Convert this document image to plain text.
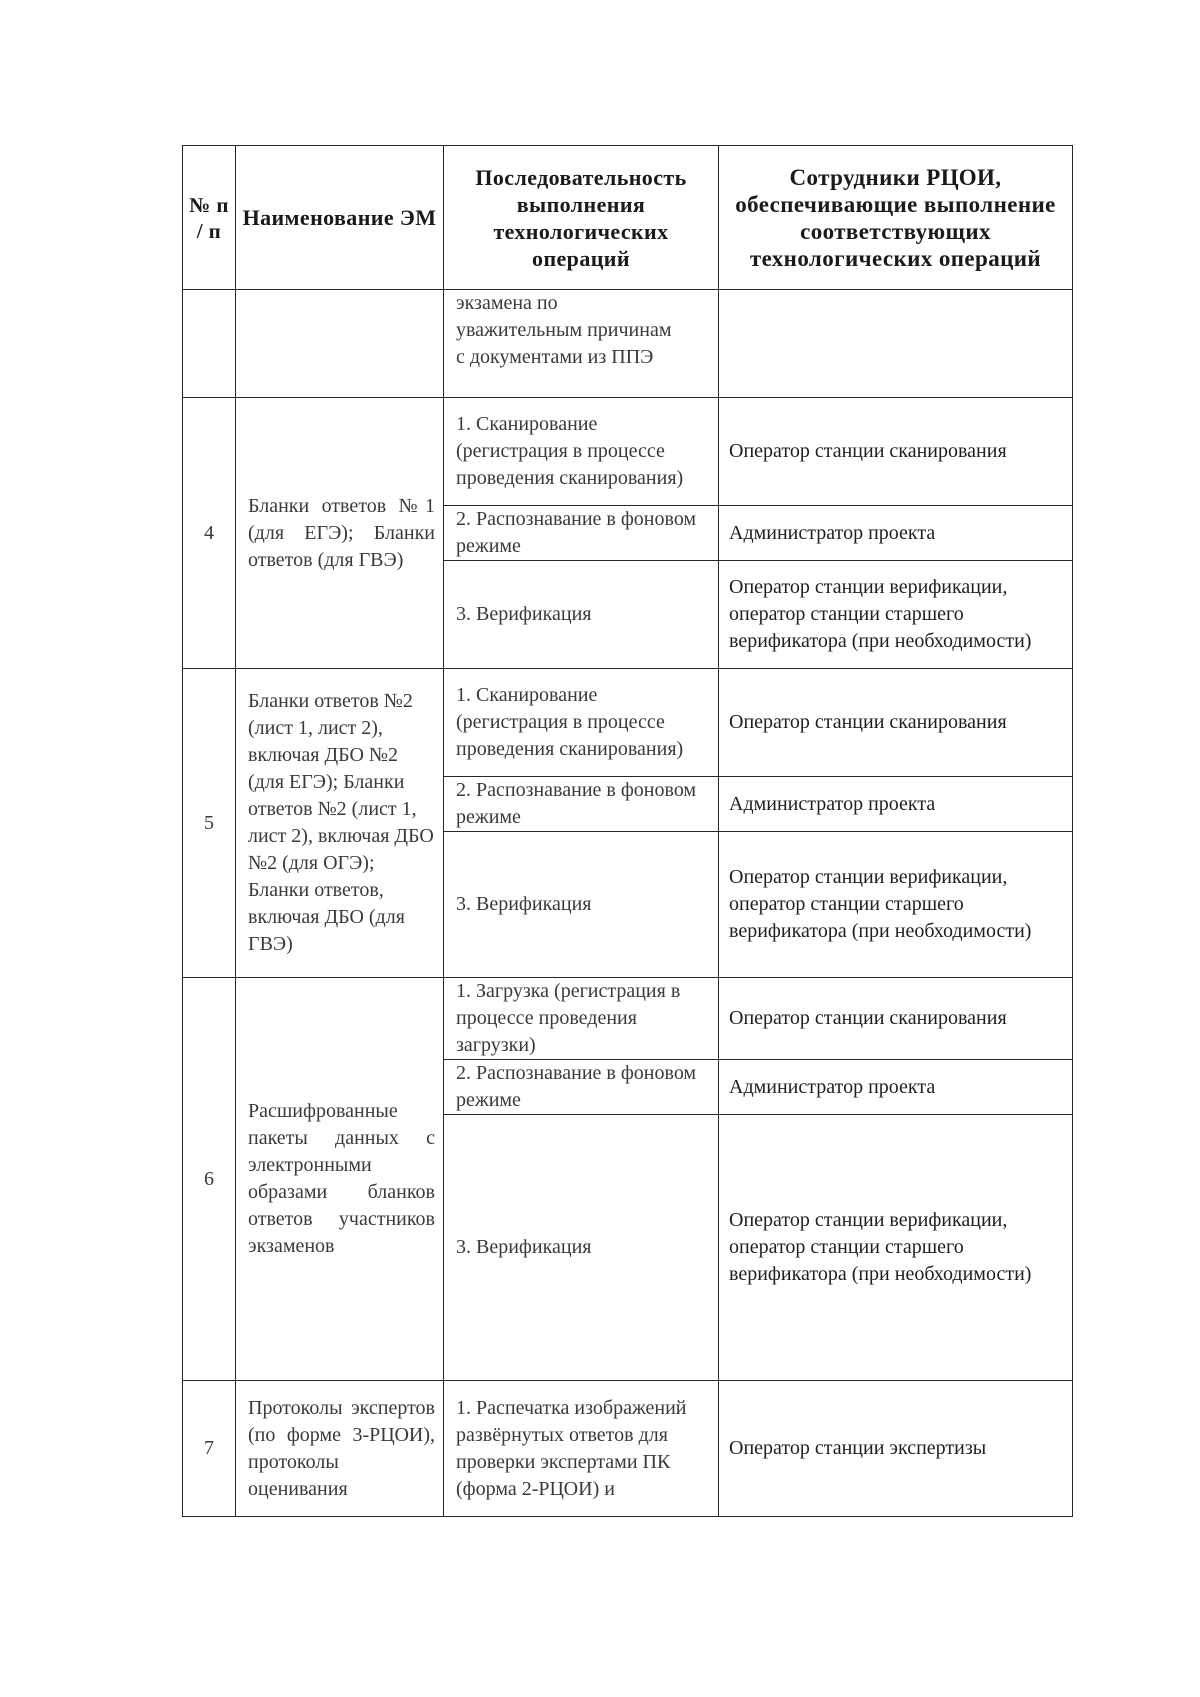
№ п / п	Наименование ЭМ	Последовательность выполнения технологических операций	Сотрудники РЦОИ, обеспечивающие выполнение соответствующих технологических операций

		экзамена по
уважительным причинам
с документами из ППЭ	

4	Бланки ответов №1 (для ЕГЭ); Бланки ответов (для ГВЭ)	1. Сканирование (регистрация в процессе проведения сканирования)	Оператор станции сканирования
		2. Распознавание в фоновом режиме	Администратор проекта
		3. Верификация	Оператор станции верификации, оператор станции старшего верификатора (при необходимости)
5	Бланки ответов №2 (лист 1, лист 2), включая ДБО №2 (для ЕГЭ); Бланки ответов №2 (лист 1, лист 2), включая ДБО №2 (для ОГЭ); Бланки ответов, включая ДБО (для ГВЭ)	1. Сканирование (регистрация в процессе проведения сканирования)	Оператор станции сканирования
		2. Распознавание в фоновом режиме	Администратор проекта
		3. Верификация	Оператор станции верификации, оператор станции старшего верификатора (при необходимости)
6	Расшифрованные пакеты данных с электронными образами бланков ответов участников экзаменов	1. Загрузка (регистрация в процессе проведения загрузки)	Оператор станции сканирования
		2. Распознавание в фоновом режиме	Администратор проекта
		3. Верификация	Оператор станции верификации, оператор станции старшего верификатора (при необходимости)
7	Протоколы экспертов (по форме 3-РЦОИ), протоколы оценивания	1. Распечатка изображений развёрнутых ответов для проверки экспертами ПК (форма 2-РЦОИ) и	Оператор станции экспертизы
